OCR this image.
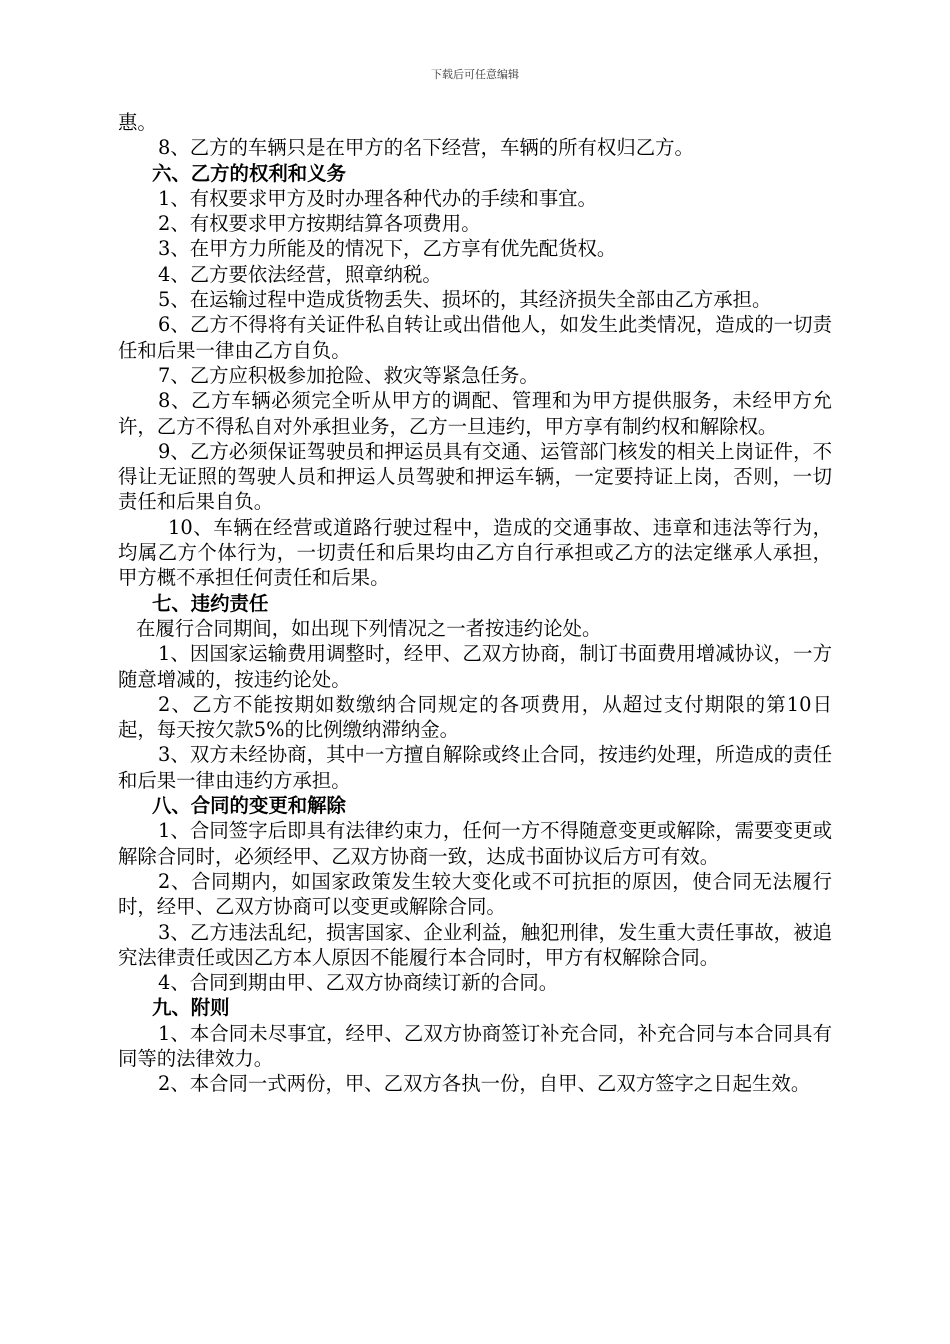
下载后可任意编辑

惠。

8、乙方的车辆只是在甲方的名下经营，车辆的所有权归乙方。

六、乙方的权利和义务

1、有权要求甲方及时办理各种代办的手续和事宜。

2、有权要求甲方按期结算各项费用。

3、在甲方力所能及的情况下，乙方享有优先配货权。

4、乙方要依法经营，照章纳税。

5、在运输过程中造成货物丢失、损坏的，其经济损失全部由乙方承担。

6、乙方不得将有关证件私自转让或出借他人，如发生此类情况，造成的一切责任和后果一律由乙方自负。

7、乙方应积极参加抢险、救灾等紧急任务。

8、乙方车辆必须完全听从甲方的调配、管理和为甲方提供服务，未经甲方允许，乙方不得私自对外承担业务，乙方一旦违约，甲方享有制约权和解除权。

9、乙方必须保证驾驶员和押运员具有交通、运管部门核发的相关上岗证件，不得让无证照的驾驶人员和押运人员驾驶和押运车辆，一定要持证上岗，否则，一切责任和后果自负。

10、车辆在经营或道路行驶过程中，造成的交通事故、违章和违法等行为，均属乙方个体行为，一切责任和后果均由乙方自行承担或乙方的法定继承人承担，甲方概不承担任何责任和后果。

七、违约责任

在履行合同期间，如出现下列情况之一者按违约论处。

1、因国家运输费用调整时，经甲、乙双方协商，制订书面费用增减协议，一方随意增减的，按违约论处。

2、乙方不能按期如数缴纳合同规定的各项费用，从超过支付期限的第10日起，每天按欠款5%的比例缴纳滞纳金。

3、双方未经协商，其中一方擅自解除或终止合同，按违约处理，所造成的责任和后果一律由违约方承担。

八、合同的变更和解除

1、合同签字后即具有法律约束力，任何一方不得随意变更或解除，需要变更或解除合同时，必须经甲、乙双方协商一致，达成书面协议后方可有效。

2、合同期内，如国家政策发生较大变化或不可抗拒的原因，使合同无法履行时，经甲、乙双方协商可以变更或解除合同。

3、乙方违法乱纪，损害国家、企业利益，触犯刑律，发生重大责任事故，被追究法律责任或因乙方本人原因不能履行本合同时，甲方有权解除合同。

4、合同到期由甲、乙双方协商续订新的合同。

九、附则

1、本合同未尽事宜，经甲、乙双方协商签订补充合同，补充合同与本合同具有同等的法律效力。

2、本合同一式两份，甲、乙双方各执一份，自甲、乙双方签字之日起生效。
